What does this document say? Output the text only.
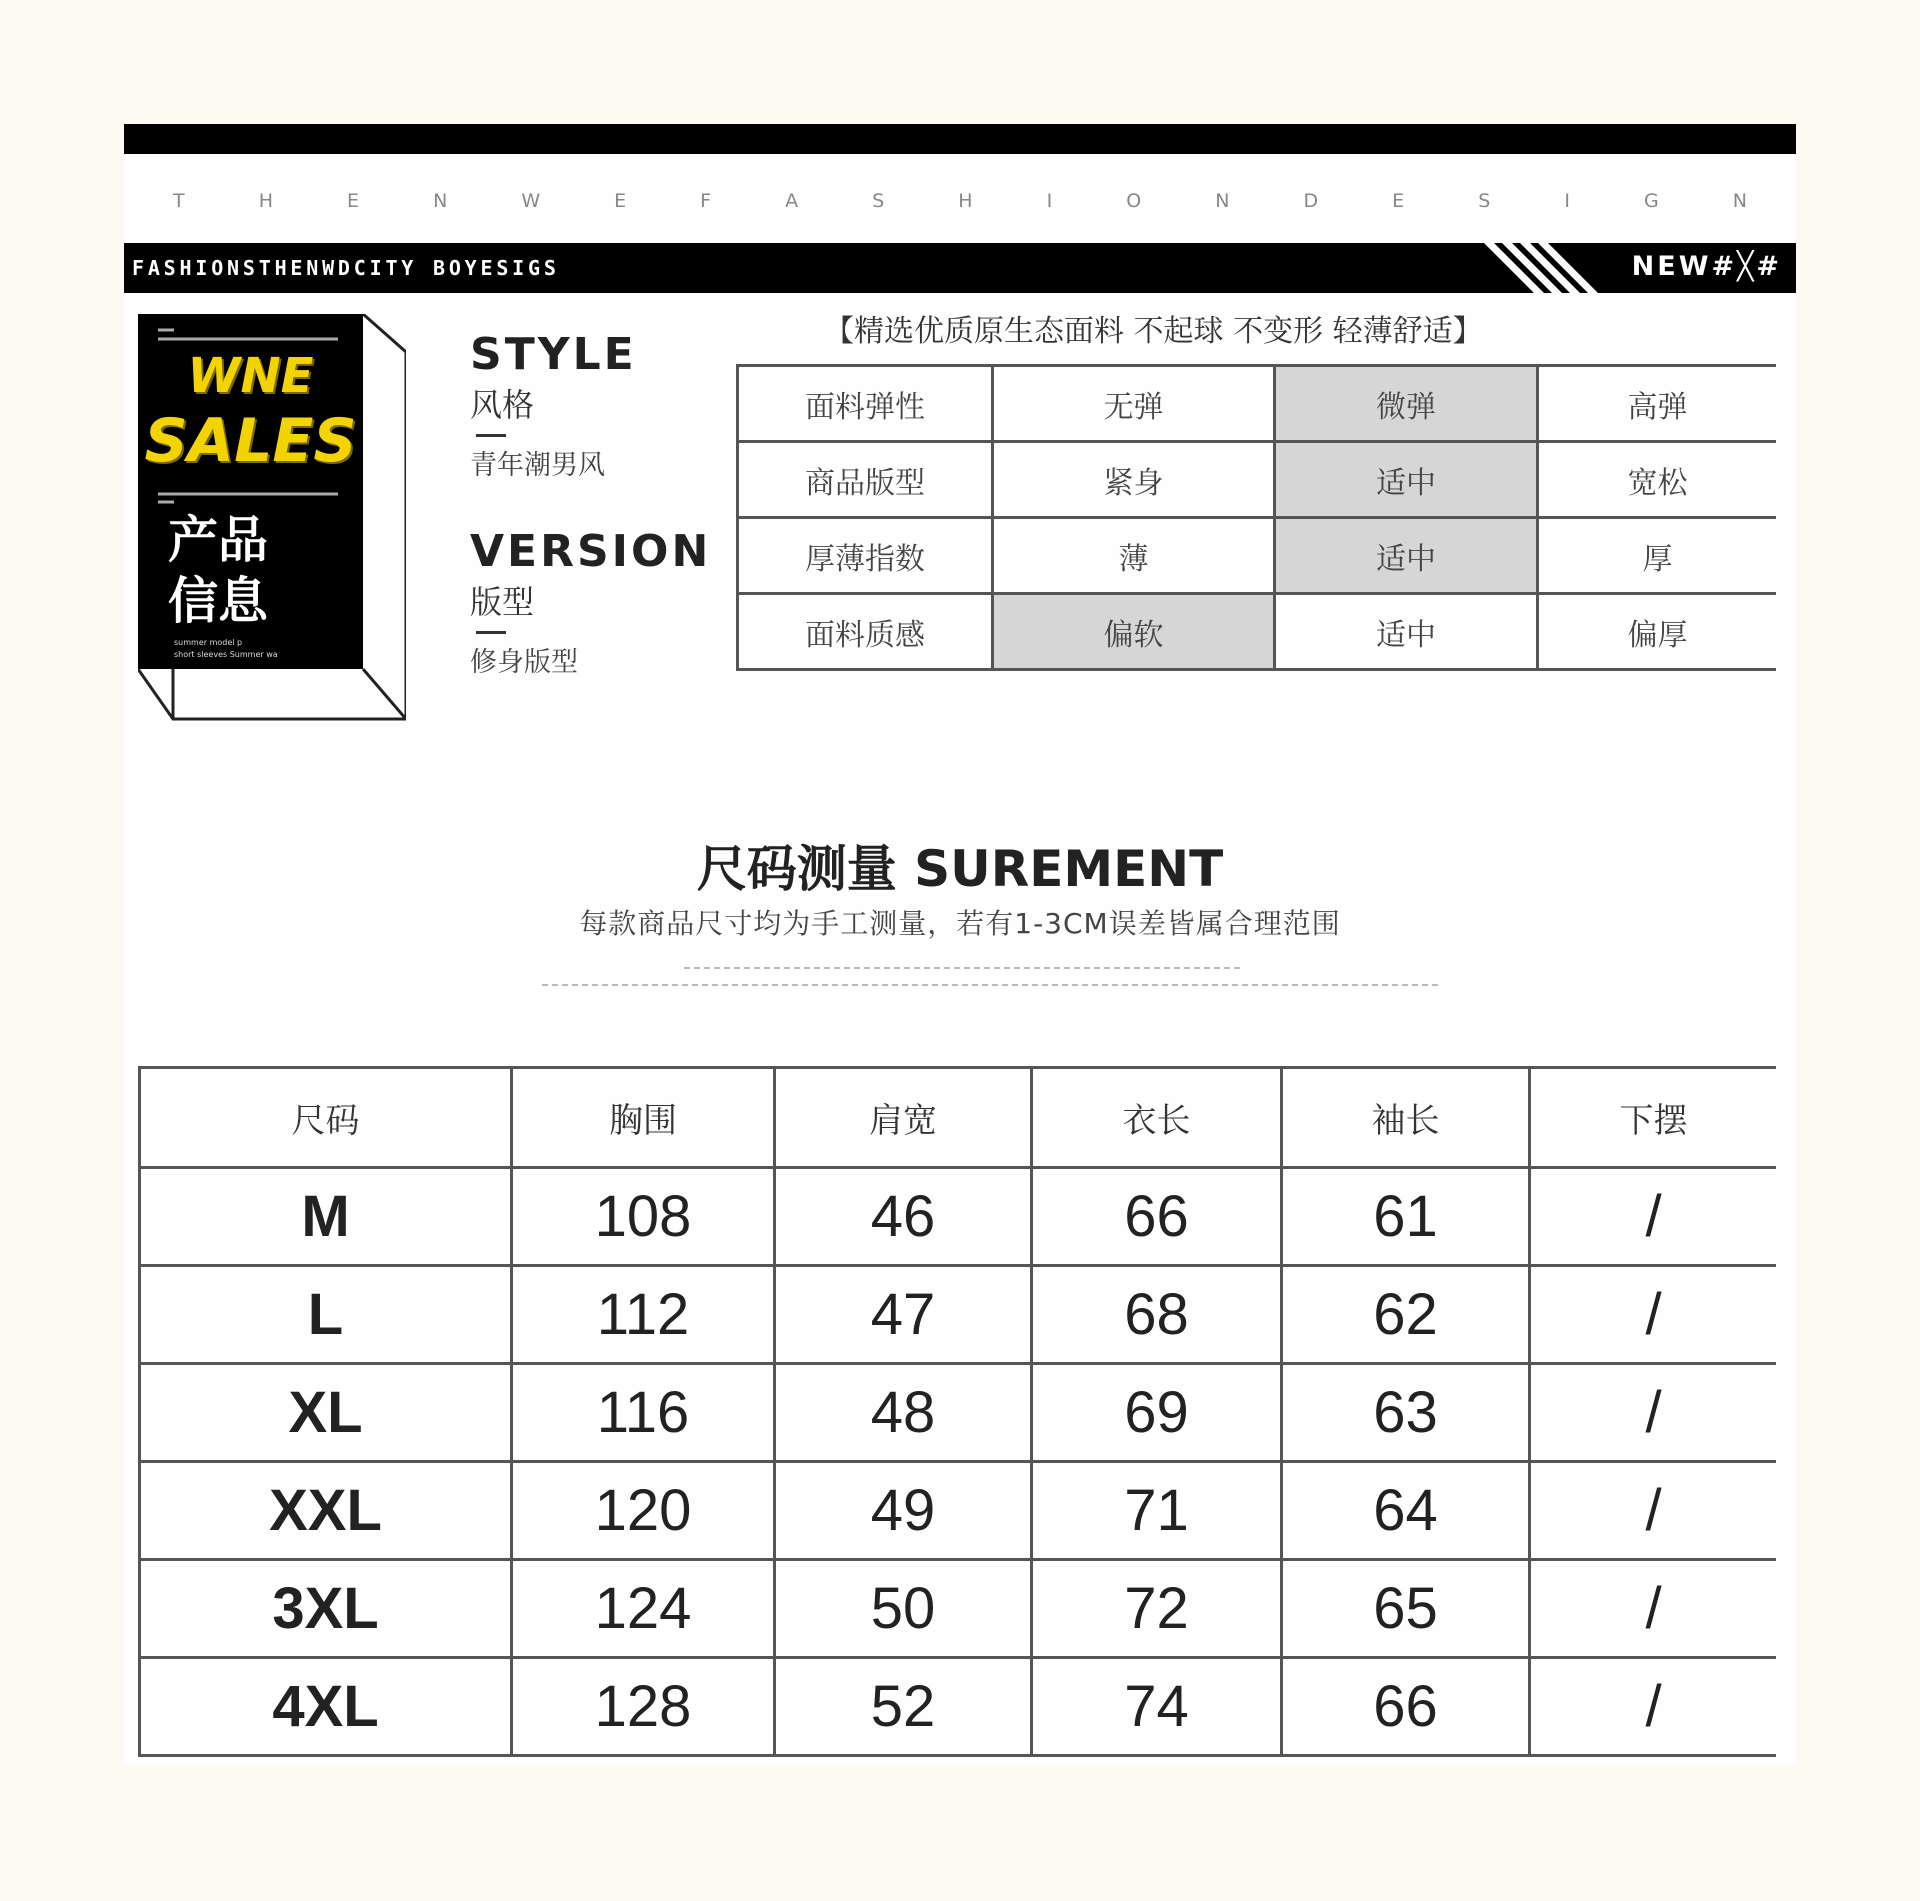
T H E N W E F A S H I O N D E S I G N
FASHIONSTHENWDCITY BOYESIGS	NEW#╳#
WNE
SALES
产品
信息
summer model p
short sleeves Summer wa
STYLE
风格
青年潮男风
VERSION
版型
修身版型
【精选优质原生态面料 不起球 不变形 轻薄舒适】
面料弹性	无弹	微弹	高弹
商品版型	紧身	适中	宽松
厚薄指数	薄	适中	厚
面料质感	偏软	适中	偏厚
尺码测量 SUREMENT
每款商品尺寸均为手工测量，若有1-3CM误差皆属合理范围
尺码	胸围	肩宽	衣长	袖长	下摆
M	108	46	66	61	/
L	112	47	68	62	/
XL	116	48	69	63	/
XXL	120	49	71	64	/
3XL	124	50	72	65	/
4XL	128	52	74	66	/
